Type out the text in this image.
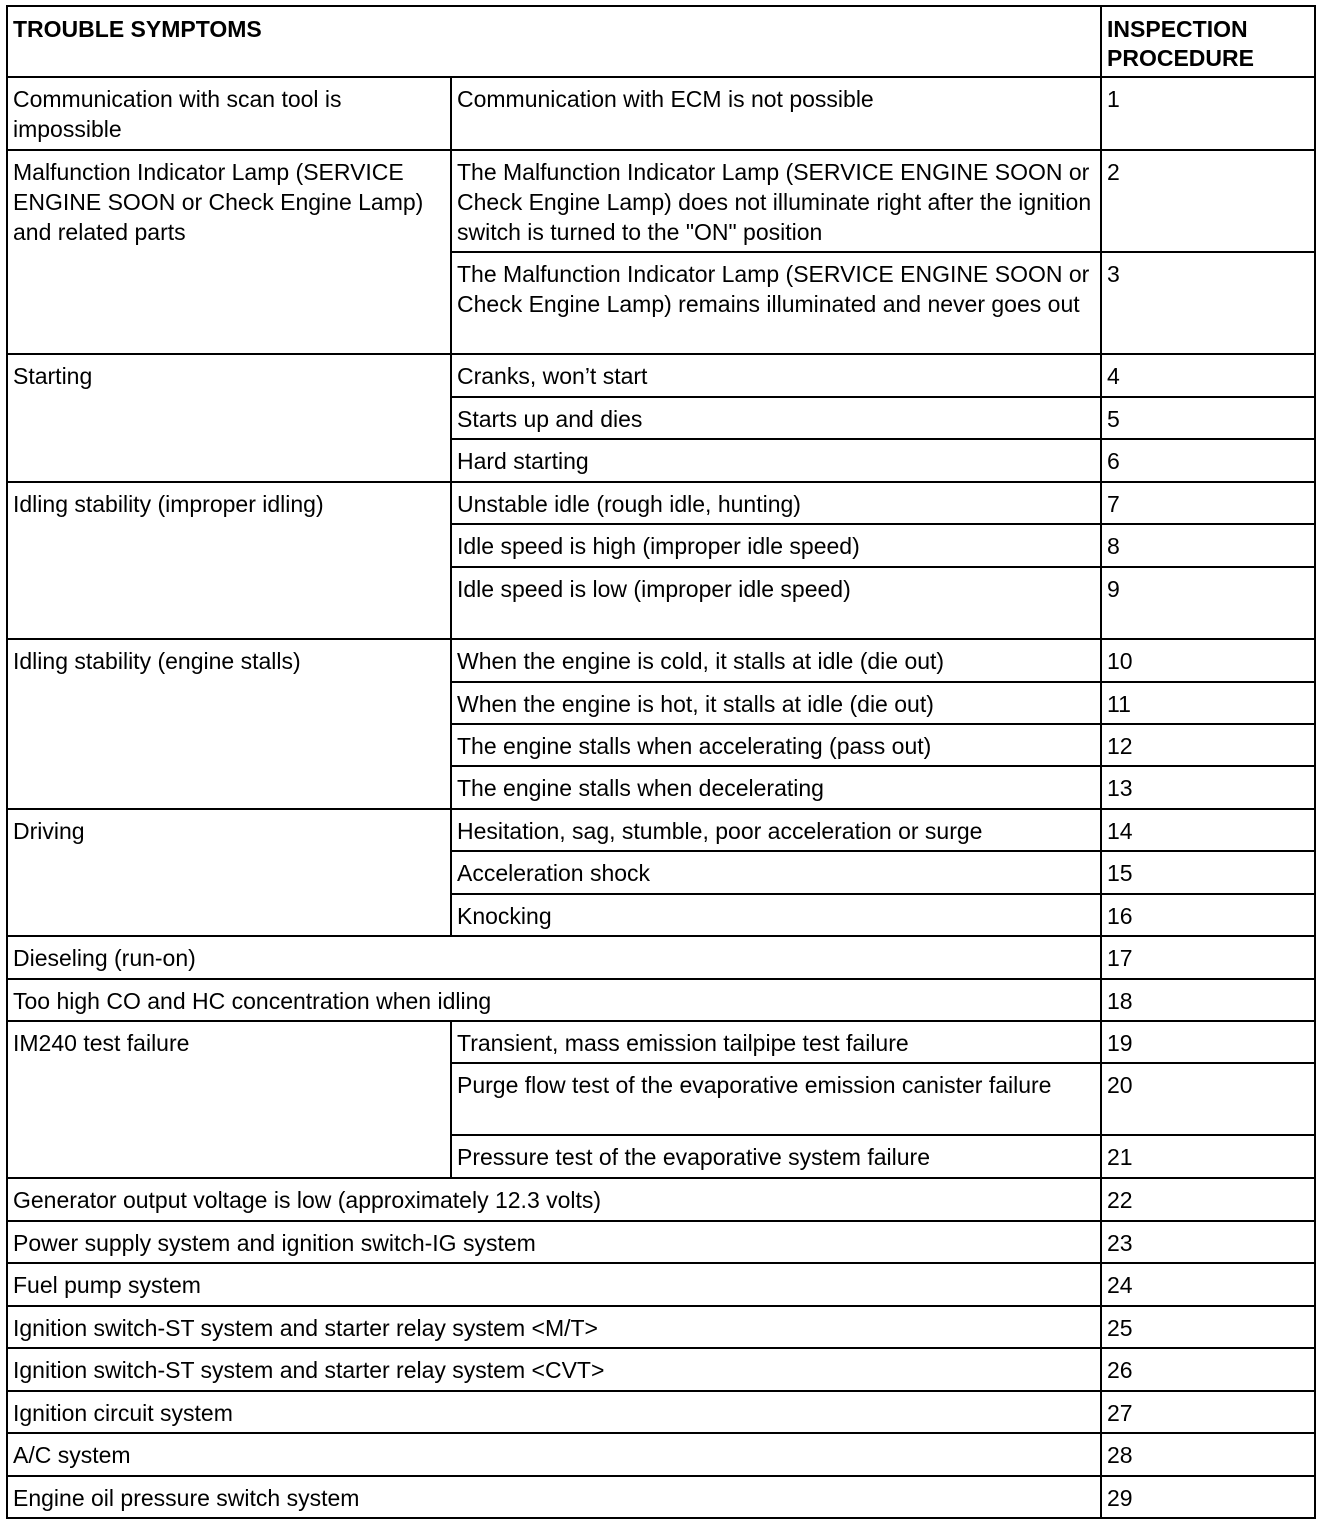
TROUBLE SYMPTOMS		INSPECTION PROCEDURE
Communication with scan tool is impossible	Communication with ECM is not possible	1
Malfunction Indicator Lamp (SERVICE ENGINE SOON or Check Engine Lamp) and related parts	The Malfunction Indicator Lamp (SERVICE ENGINE SOON or Check Engine Lamp) does not illuminate right after the ignition switch is turned to the "ON" position	2
	The Malfunction Indicator Lamp (SERVICE ENGINE SOON or Check Engine Lamp) remains illuminated and never goes out	3
Starting	Cranks, won’t start	4
	Starts up and dies	5
	Hard starting	6
Idling stability (improper idling)	Unstable idle (rough idle, hunting)	7
	Idle speed is high (improper idle speed)	8
	Idle speed is low (improper idle speed)	9
Idling stability (engine stalls)	When the engine is cold, it stalls at idle (die out)	10
	When the engine is hot, it stalls at idle (die out)	11
	The engine stalls when accelerating (pass out)	12
	The engine stalls when decelerating	13
Driving	Hesitation, sag, stumble, poor acceleration or surge	14
	Acceleration shock	15
	Knocking	16
Dieseling (run-on)		17
Too high CO and HC concentration when idling		18
IM240 test failure	Transient, mass emission tailpipe test failure	19
	Purge flow test of the evaporative emission canister failure	20
	Pressure test of the evaporative system failure	21
Generator output voltage is low (approximately 12.3 volts)		22
Power supply system and ignition switch-IG system		23
Fuel pump system		24
Ignition switch-ST system and starter relay system <M/T>		25
Ignition switch-ST system and starter relay system <CVT>		26
Ignition circuit system		27
A/C system		28
Engine oil pressure switch system		29
